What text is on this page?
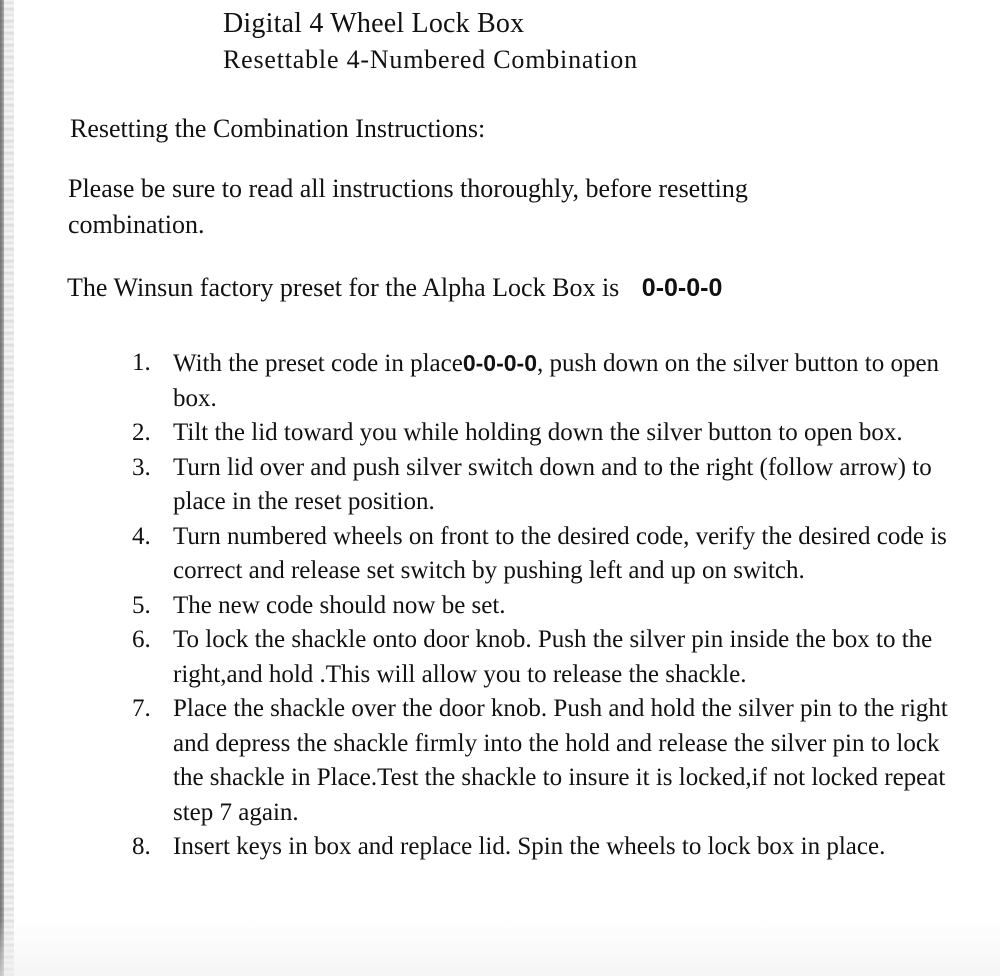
Digital 4 Wheel Lock Box
Resettable 4-Numbered Combination
Resetting the Combination Instructions:
Please be sure to read all instructions thoroughly, before resetting combination.
The Winsun factory preset for the Alpha Lock Box is 0-0-0-0
1. With the preset code in place0-0-0-0, push down on the silver button to open box.
2. Tilt the lid toward you while holding down the silver button to open box.
3. Turn lid over and push silver switch down and to the right (follow arrow) to place in the reset position.
4. Turn numbered wheels on front to the desired code, verify the desired code is correct and release set switch by pushing left and up on switch.
5. The new code should now be set.
6. To lock the shackle onto door knob. Push the silver pin inside the box to the right,and hold .This will allow you to release the shackle.
7. Place the shackle over the door knob. Push and hold the silver pin to the right and depress the shackle firmly into the hold and release the silver pin to lock the shackle in Place.Test the shackle to insure it is locked,if not locked repeat step 7 again.
8. Insert keys in box and replace lid. Spin the wheels to lock box in place.
